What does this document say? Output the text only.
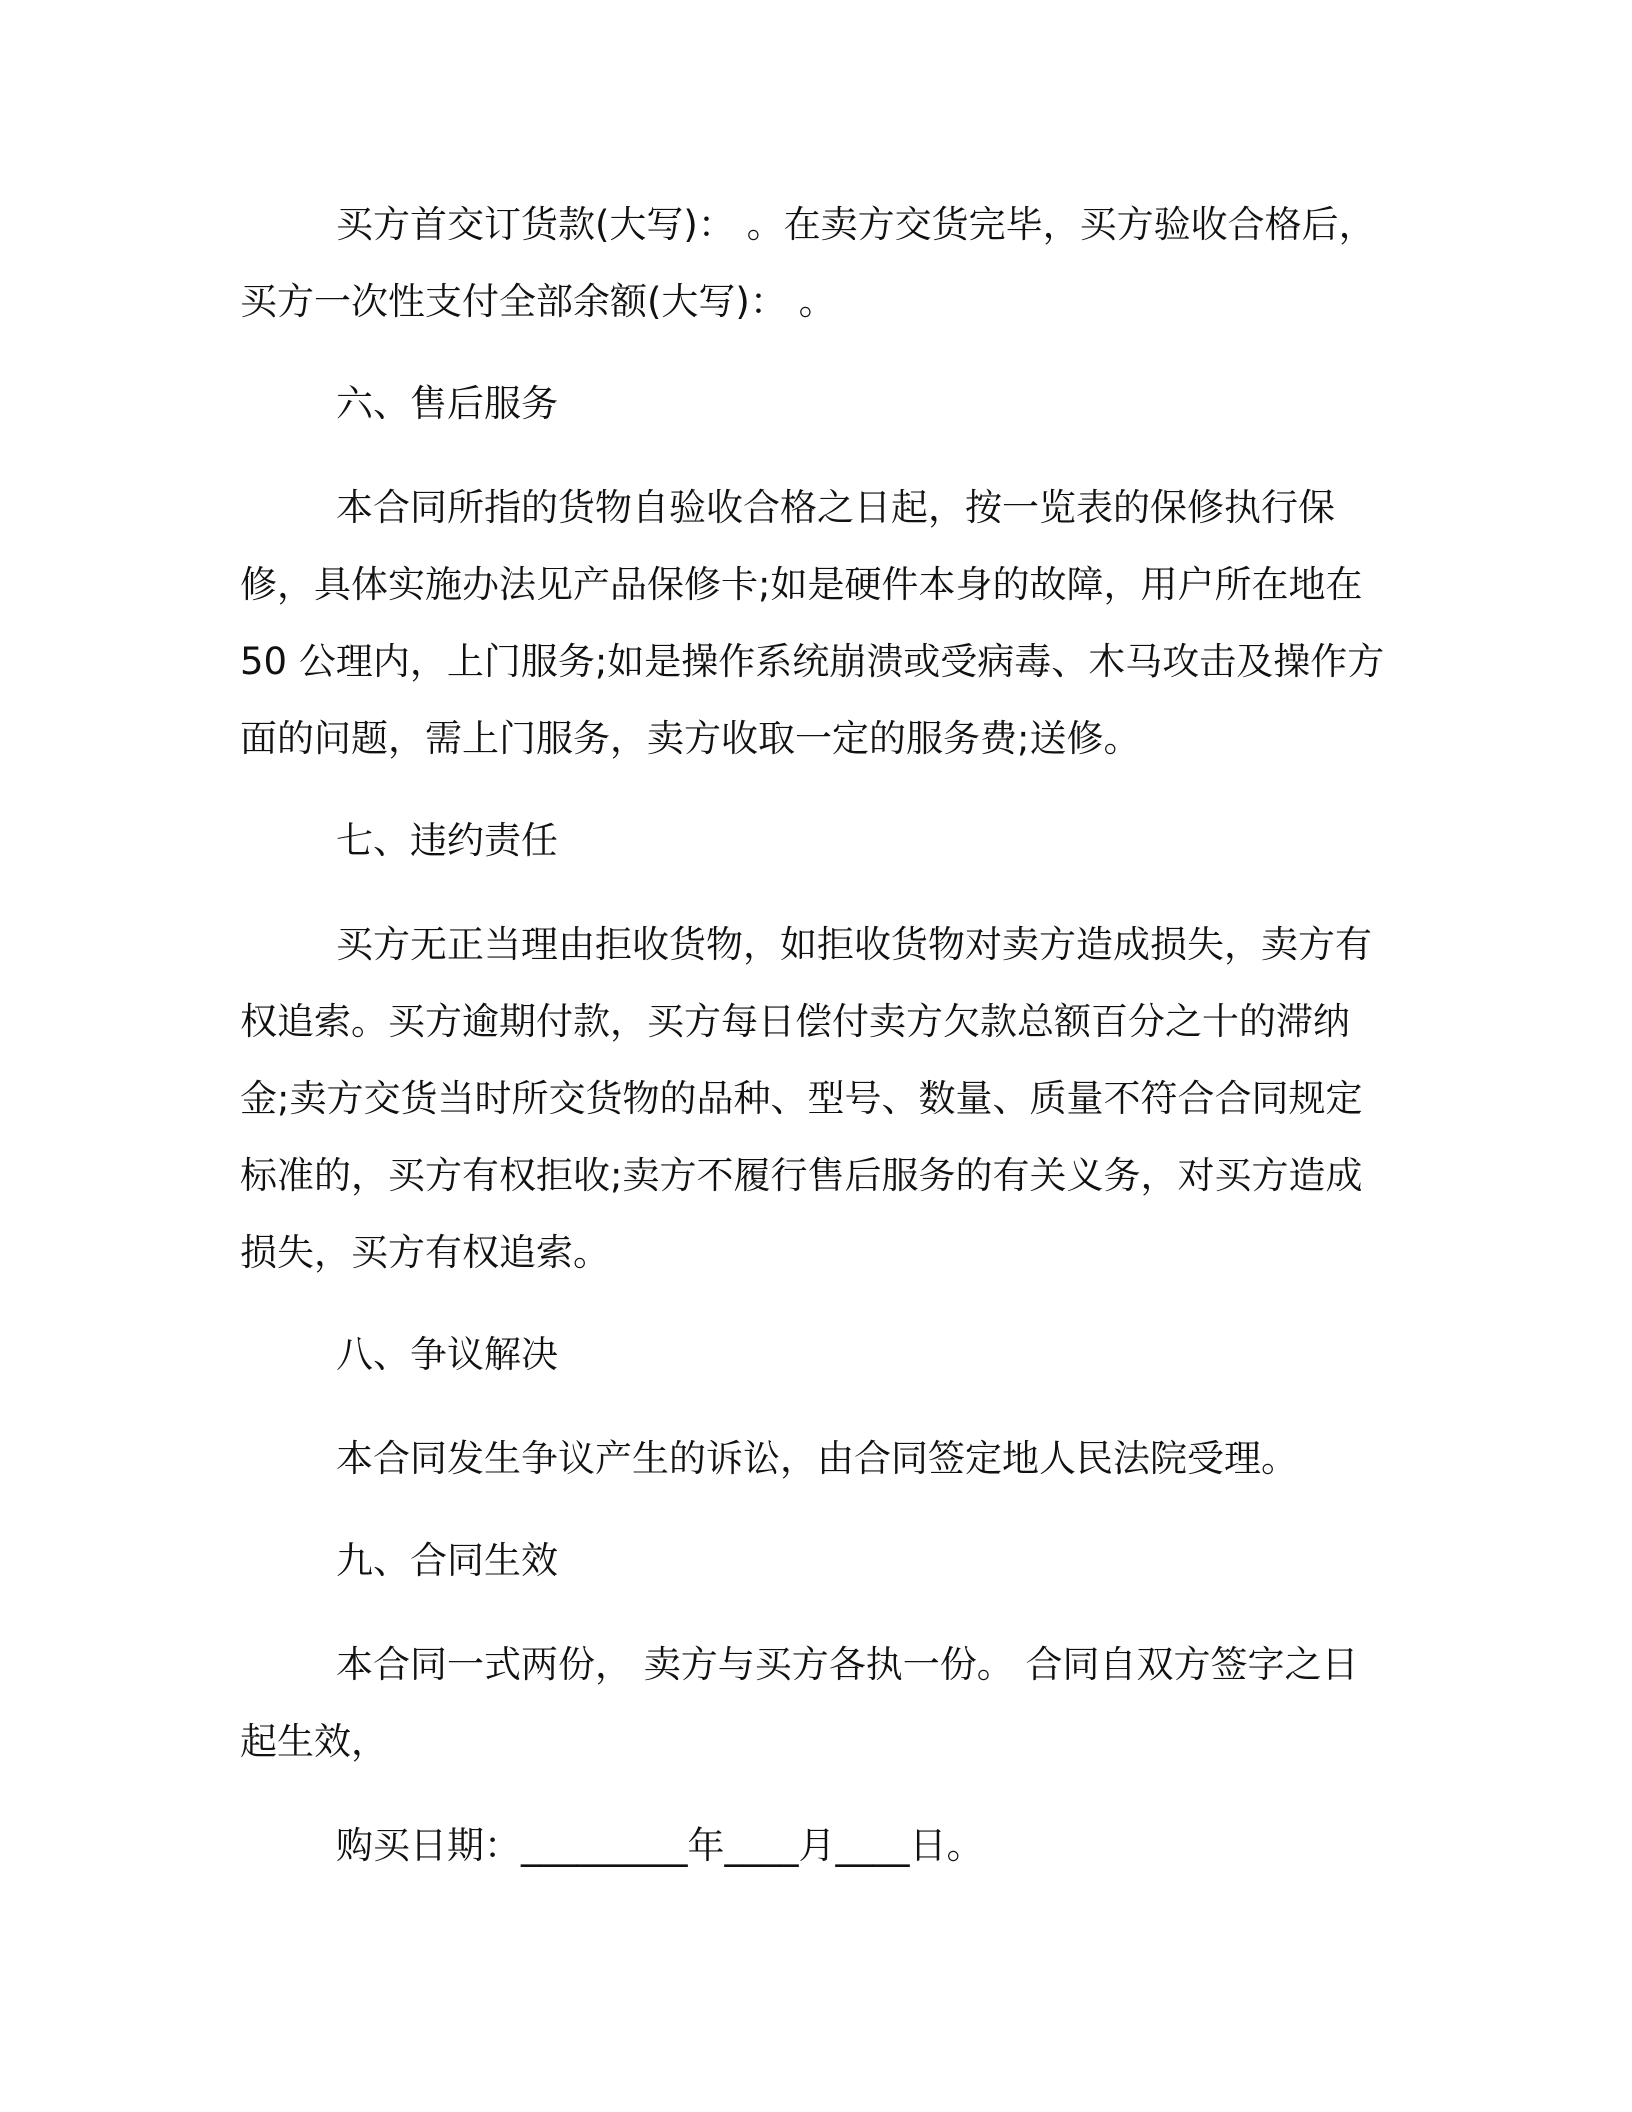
买方首交订货款(大写)： 。在卖方交货完毕，买方验收合格后，买方一次性支付全部余额(大写)： 。

六、售后服务

本合同所指的货物自验收合格之日起，按一览表的保修执行保修，具体实施办法见产品保修卡;如是硬件本身的故障，用户所在地在 50 公理内，上门服务;如是操作系统崩溃或受病毒、木马攻击及操作方面的问题，需上门服务，卖方收取一定的服务费;送修。

七、违约责任

买方无正当理由拒收货物，如拒收货物对卖方造成损失，卖方有权追索。买方逾期付款，买方每日偿付卖方欠款总额百分之十的滞纳金;卖方交货当时所交货物的品种、型号、数量、质量不符合合同规定标准的，买方有权拒收;卖方不履行售后服务的有关义务，对买方造成损失，买方有权追索。

八、争议解决

本合同发生争议产生的诉讼，由合同签定地人民法院受理。

九、合同生效

本合同一式两份， 卖方与买方各执一份。 合同自双方签字之日起生效，

购买日期：_________年____月____日。
